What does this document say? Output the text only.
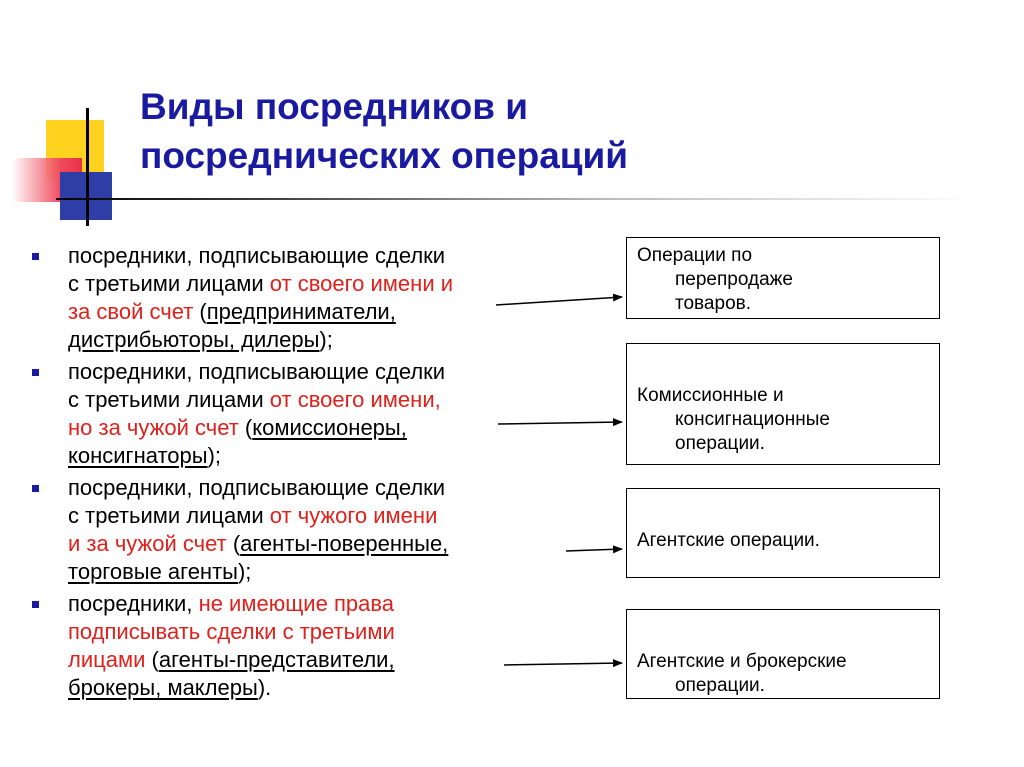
Виды посредников и
посреднических операций
посредники, подписывающие сделки
с третьими лицами от своего имени и
за свой счет (предприниматели,
дистрибьюторы, дилеры);
посредники, подписывающие сделки
с третьими лицами от своего имени,
но за чужой счет (комиссионеры,
консигнаторы);
посредники, подписывающие сделки
с третьими лицами от чужого имени
и за чужой счет (агенты-поверенные,
торговые агенты);
посредники, не имеющие права
подписывать сделки с третьими
лицами (агенты-представители,
брокеры, маклеры).
Операции по
перепродаже
товаров.
Комиссионные и
консигнационные
операции.
Агентские операции.
Агентские и брокерские
операции.
